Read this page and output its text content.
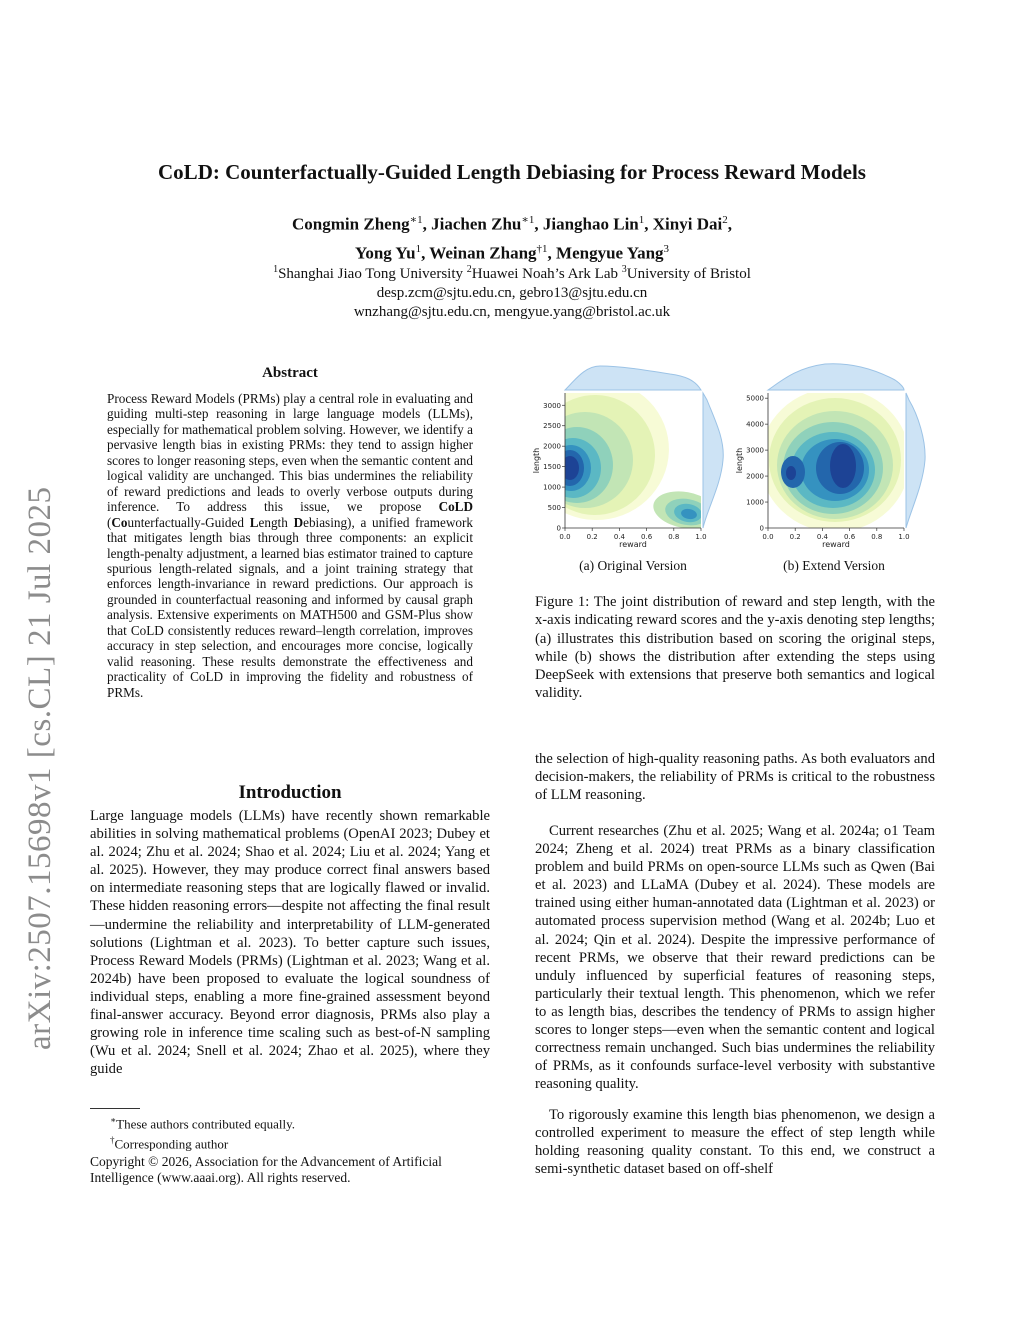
arXiv:2507.15698v1 [cs.CL] 21 Jul 2025
CoLD: Counterfactually-Guided Length Debiasing for Process Reward Models
Congmin Zheng$^{∗1}$, Jiachen Zhu$^{∗1}$, Jianghao Lin$^1$, Xinyi Dai$^2$,
Yong Yu$^1$, Weinan Zhang$^{\dagger 1}$, Mengyue Yang$^3$
$^1$Shanghai Jiao Tong University $^2$Huawei Noah’s Ark Lab $^3$University of Bristol
desp.zcm@sjtu.edu.cn, gebro13@sjtu.edu.cn
wnzhang@sjtu.edu.cn, mengyue.yang@bristol.ac.uk
Abstract

Process Reward Models (PRMs) play a central role in evaluating and guiding multi-step reasoning in large language models (LLMs), especially for mathematical problem solving. However, we identify a pervasive length bias in existing PRMs: they tend to assign higher scores to longer reasoning steps, even when the semantic content and logical validity are unchanged. This bias undermines the reliability of reward predictions and leads to overly verbose outputs during inference. To address this issue, we propose CoLD (Counterfactually-Guided Length Debiasing), a unified framework that mitigates length bias through three components: an explicit length-penalty adjustment, a learned bias estimator trained to capture spurious length-related signals, and a joint training strategy that enforces length-invariance in reward predictions. Our approach is grounded in counterfactual reasoning and informed by causal graph analysis. Extensive experiments on MATH500 and GSM-Plus show that CoLD consistently reduces reward–length correlation, improves accuracy in step selection, and encourages more concise, logically valid reasoning. These results demonstrate the effectiveness and practicality of CoLD in improving the fidelity and robustness of PRMs.

Introduction

Large language models (LLMs) have recently shown remarkable abilities in solving mathematical problems (OpenAI 2023; Dubey et al. 2024; Zhu et al. 2024; Shao et al. 2024; Liu et al. 2024; Yang et al. 2025). However, they may produce correct final answers based on intermediate reasoning steps that are logically flawed or invalid. These hidden reasoning errors—despite not affecting the final result—undermine the reliability and interpretability of LLM-generated solutions (Lightman et al. 2023). To better capture such issues, Process Reward Models (PRMs) (Lightman et al. 2023; Wang et al. 2024b) have been proposed to evaluate the logical soundness of individual steps, enabling a more fine-grained assessment beyond final-answer accuracy. Beyond error diagnosis, PRMs also play a growing role in inference time scaling such as best-of-N sampling (Wu et al. 2024; Snell et al. 2024; Zhao et al. 2025), where they guide

∗These authors contributed equally.
†Corresponding author
Copyright © 2026, Association for the Advancement of Artificial Intelligence (www.aaai.org). All rights reserved.
0.0 0.2 0.4 0.6 0.8 1.0
0
500
1000
1500
2000
2500
3000
reward
length
0.0 0.2 0.4 0.6 0.8 1.0
0
1000
2000
3000
4000
5000
reward
length
(a) Original Version	(b) Extend Version

Figure 1: The joint distribution of reward and step length, with the x-axis indicating reward scores and the y-axis denoting step lengths; (a) illustrates this distribution based on scoring the original steps, while (b) shows the distribution after extending the steps using DeepSeek with extensions that preserve both semantics and logical validity.

the selection of high-quality reasoning paths. As both evaluators and decision-makers, the reliability of PRMs is critical to the robustness of LLM reasoning.

Current researches (Zhu et al. 2025; Wang et al. 2024a; o1 Team 2024; Zheng et al. 2024) treat PRMs as a binary classification problem and build PRMs on open-source LLMs such as Qwen (Bai et al. 2023) and LLaMA (Dubey et al. 2024). These models are trained using either human-annotated data (Lightman et al. 2023) or automated process supervision method (Wang et al. 2024b; Luo et al. 2024; Qin et al. 2024). Despite the impressive performance of recent PRMs, we observe that their reward predictions can be unduly influenced by superficial features of reasoning steps, particularly their textual length. This phenomenon, which we refer to as length bias, describes the tendency of PRMs to assign higher scores to longer steps—even when the semantic content and logical correctness remain unchanged. Such bias undermines the reliability of PRMs, as it confounds surface-level verbosity with substantive reasoning quality.

To rigorously examine this length bias phenomenon, we design a controlled experiment to measure the effect of step length while holding reasoning quality constant. To this end, we construct a semi-synthetic dataset based on off-shelf
